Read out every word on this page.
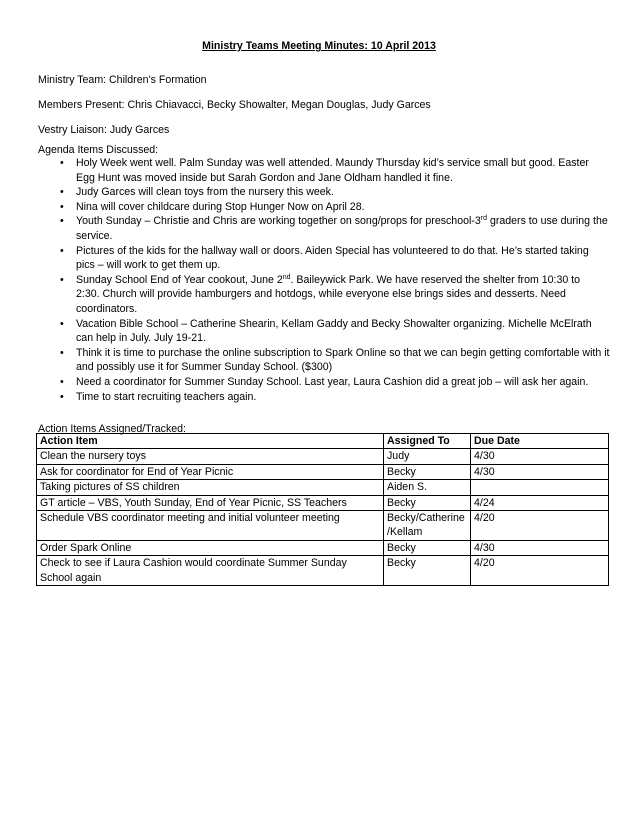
Ministry Teams Meeting Minutes: 10 April 2013
Ministry Team: Children’s Formation
Members Present: Chris Chiavacci, Becky Showalter, Megan Douglas, Judy Garces
Vestry Liaison: Judy Garces
Agenda Items Discussed:
• Holy Week went well. Palm Sunday was well attended. Maundy Thursday kid’s service small but good. Easter
Egg Hunt was moved inside but Sarah Gordon and Jane Oldham handled it fine.
• Judy Garces will clean toys from the nursery this week.
• Nina will cover childcare during Stop Hunger Now on April 28.
• Youth Sunday – Christie and Chris are working together on song/props for preschool-3rd graders to use during the
service.
• Pictures of the kids for the hallway wall or doors. Aiden Special has volunteered to do that. He’s started taking
pics – will work to get them up.
• Sunday School End of Year cookout, June 2nd. Baileywick Park. We have reserved the shelter from 10:30 to
2:30. Church will provide hamburgers and hotdogs, while everyone else brings sides and desserts. Need
coordinators.
• Vacation Bible School – Catherine Shearin, Kellam Gaddy and Becky Showalter organizing. Michelle McElrath
can help in July. July 19-21.
• Think it is time to purchase the online subscription to Spark Online so that we can begin getting comfortable with it
and possibly use it for Summer Sunday School. ($300)
• Need a coordinator for Summer Sunday School. Last year, Laura Cashion did a great job – will ask her again.
• Time to start recruiting teachers again.
Action Items Assigned/Tracked:
Action Item	Assigned To	Due Date
Clean the nursery toys	Judy	4/30
Ask for coordinator for End of Year Picnic	Becky	4/30
Taking pictures of SS children	Aiden S.	
GT article – VBS, Youth Sunday, End of Year Picnic, SS Teachers	Becky	4/24
Schedule VBS coordinator meeting and initial volunteer meeting	Becky/Catherine /Kellam	4/20
Order Spark Online	Becky	4/30
Check to see if Laura Cashion would coordinate Summer Sunday School again	Becky	4/20
